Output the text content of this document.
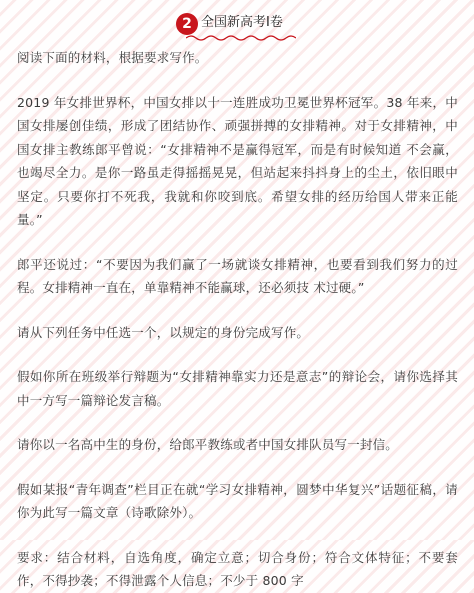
2 全国新高考Ⅰ卷

阅读下面的材料，根据要求写作。

2019 年女排世界杯，中国女排以十一连胜成功卫冕世界杯冠军。38 年来，中国女排屡创佳绩，形成了团结协作、顽强拼搏的女排精神。对于女排精神，中国女排主教练郎平曾说：“女排精神不是赢得冠军，而是有时候知道 不会赢，也竭尽全力。是你一路虽走得摇摇晃晃，但站起来抖抖身上的尘土，依旧眼中 坚定。只要你打不死我，我就和你咬到底。希望女排的经历给国人带来正能量。”

郎平还说过：“不要因为我们赢了一场就谈女排精神，也要看到我们努力的过程。女排精神一直在，单靠精神不能赢球，还必须技 术过硬。”

请从下列任务中任选一个，以规定的身份完成写作。

假如你所在班级举行辩题为“女排精神靠实力还是意志”的辩论会，请你选择其中一方写一篇辩论发言稿。

请你以一名高中生的身份，给郎平教练或者中国女排队员写一封信。

假如某报“青年调查”栏目正在就“学习女排精神，圆梦中华复兴”话题征稿，请你为此写一篇文章（诗歌除外）。

要求：结合材料，自选角度，确定立意；切合身份；符合文体特征；不要套作，不得抄袭；不得泄露个人信息；不少于 800 字
